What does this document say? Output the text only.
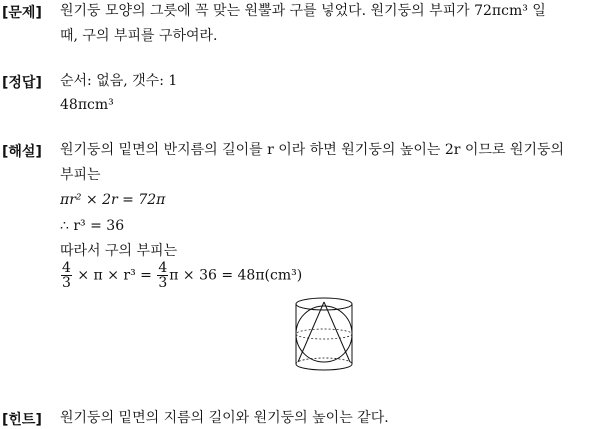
[문제] 원기둥 모양의 그릇에 꼭 맞는 원뿔과 구를 넣었다. 원기둥의 부피가 72πcm³ 일
때, 구의 부피를 구하여라.
[정답] 순서: 없음, 갯수: 1
48πcm³
[해설] 원기둥의 밑면의 반지름의 길이를 r 이라 하면 원기둥의 높이는 2r 이므로 원기둥의
부피는
πr² × 2r = 72π
∴ r³ = 36
따라서 구의 부피는
$\frac{4}{3} \times \pi \times r^3 = \frac{4}{3}$ π × 36 = 48π(cm³)
[힌트] 원기둥의 밑면의 지름의 길이와 원기둥의 높이는 같다.
